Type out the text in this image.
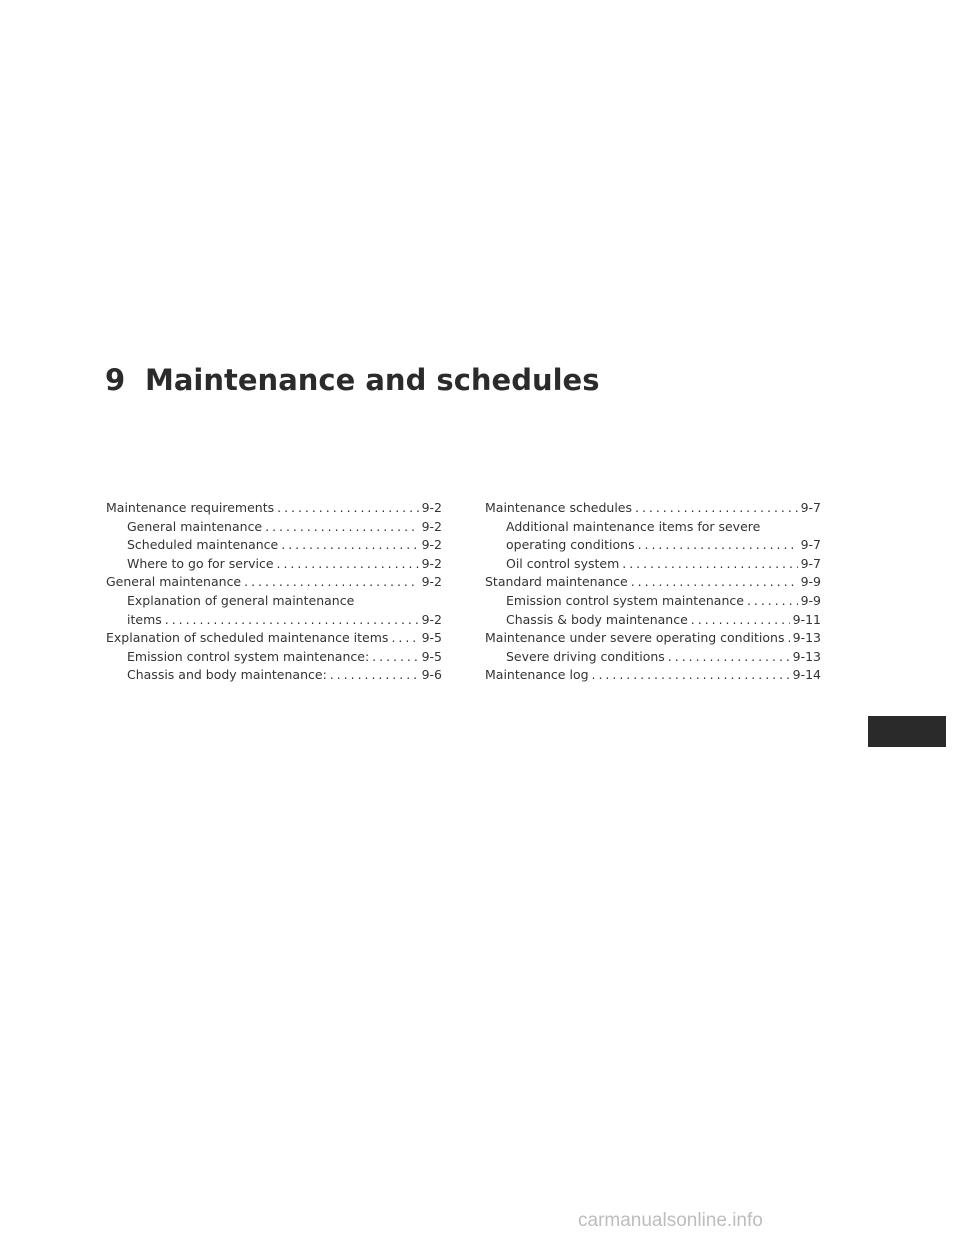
9 Maintenance and schedules
Maintenance requirements . . .	9-2
General maintenance . . .	9-2
Scheduled maintenance . . .	9-2
Where to go for service . . .	9-2
General maintenance . . .	9-2
Explanation of general maintenance
items . . .	9-2
Explanation of scheduled maintenance items . . .	9-5
Emission control system maintenance: . . .	9-5
Chassis and body maintenance: . . .	9-6
Maintenance schedules . . .	9-7
Additional maintenance items for severe
operating conditions . . .	9-7
Oil control system . . .	9-7
Standard maintenance . . .	9-9
Emission control system maintenance . . .	9-9
Chassis & body maintenance . . .	9-11
Maintenance under severe operating conditions . . . 9-13
Severe driving conditions . . .	9-13
Maintenance log . . .	9-14
carmanualsonline.info
